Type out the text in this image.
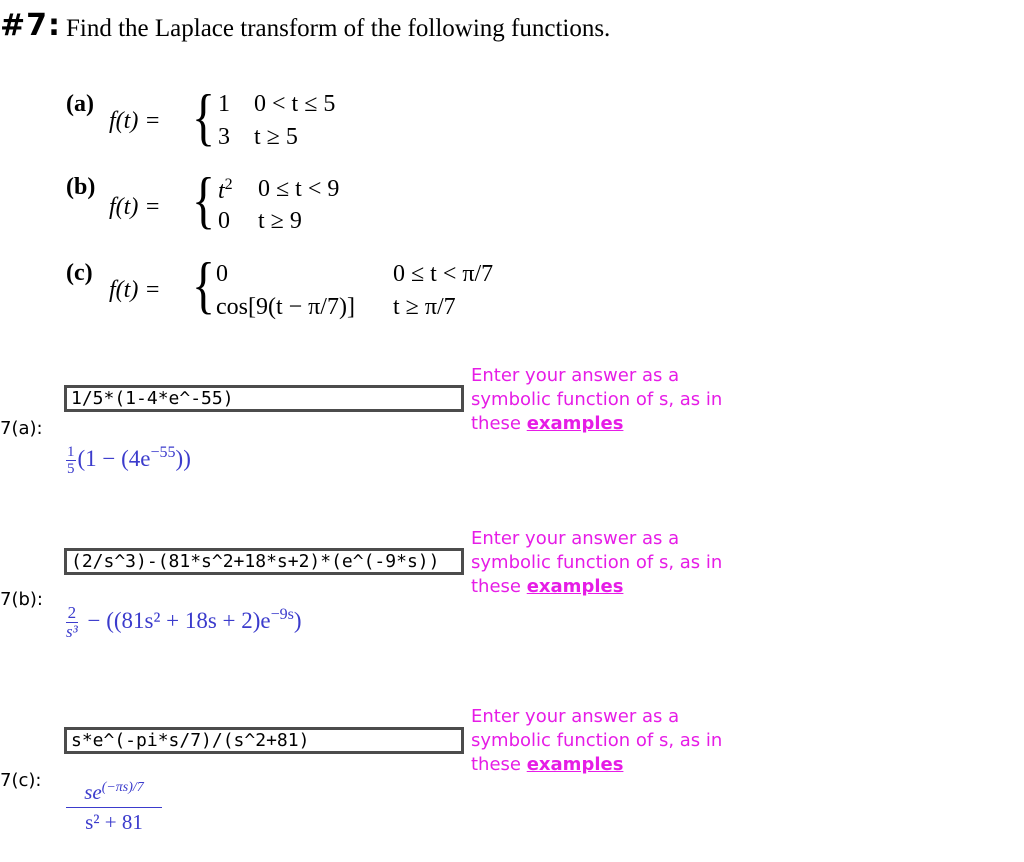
#7: Find the Laplace transform of the following functions.
(a)
f(t) = { 1 0 < t ≤ 5
3 t ≥ 5
(b)
f(t) = { $t^2$ 0 ≤ t < 9
0 t ≥ 9
(c)
f(t) = { 0	0 ≤ t < π/7
cos[9(t − π/7)] t ≥ π/7
7(a):
1/5*(1-4*e^-55)
Enter your answer as a
symbolic function of s, as in
these examples
$\frac{1}{5} (1 - (4e^{-55}))$
7(b):
(2/s^3)-(81*s^2+18*s+2)*(e^(-9*s))
Enter your answer as a
symbolic function of s, as in
these examples
$\frac{2}{\text{s³}} - ((81s^2 + 18s + 2)e^{-9s})$
7(c):
s*e^(-pi*s/7)/(s^2+81)
Enter your answer as a
symbolic function of s, as in
these examples
$se^{(-\pi s)/7}$
s² + 81
